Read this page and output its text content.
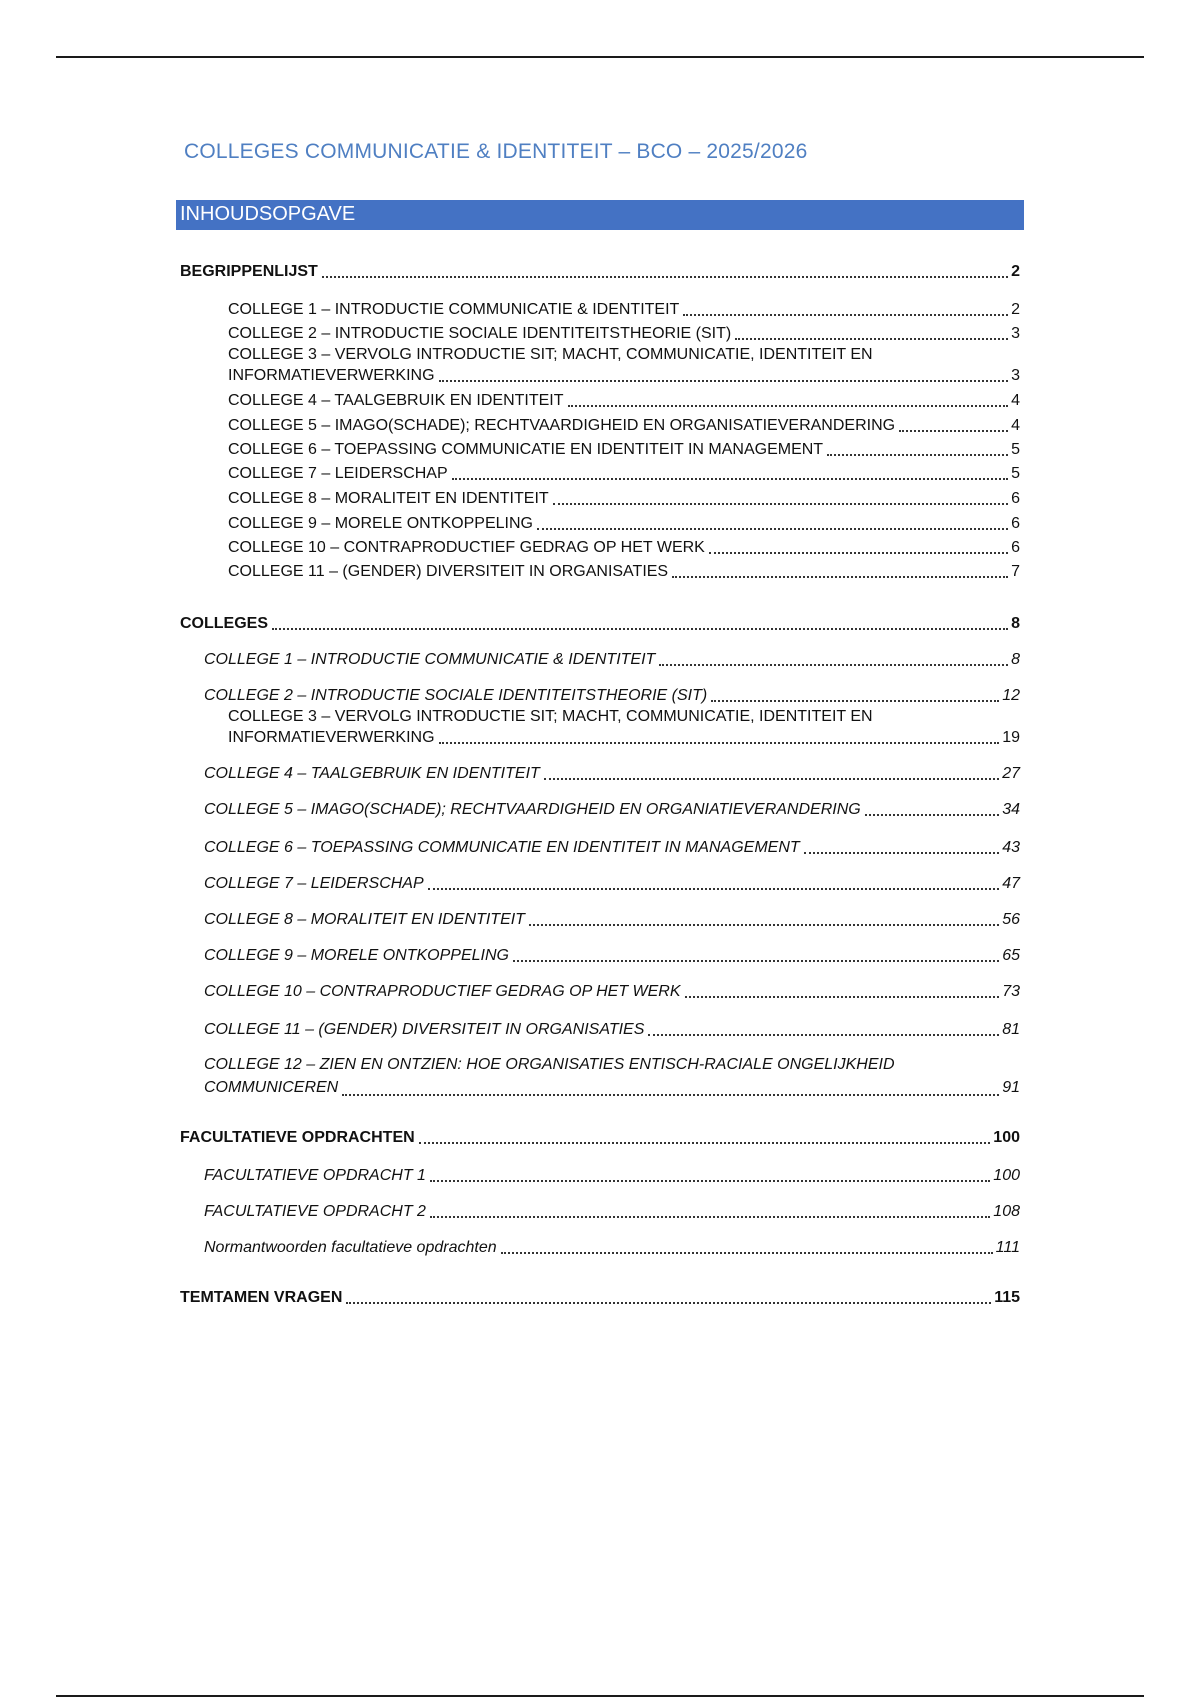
COLLEGES COMMUNICATIE & IDENTITEIT – BCO – 2025/2026
INHOUDSOPGAVE
BEGRIPPENLIJST	2
COLLEGE 1 – INTRODUCTIE COMMUNICATIE & IDENTITEIT	2
COLLEGE 2 – INTRODUCTIE SOCIALE IDENTITEITSTHEORIE (SIT)	3
COLLEGE 3 – VERVOLG INTRODUCTIE SIT; MACHT, COMMUNICATIE, IDENTITEIT EN
INFORMATIEVERWERKING	3
COLLEGE 4 – TAALGEBRUIK EN IDENTITEIT	4
COLLEGE 5 – IMAGO(SCHADE); RECHTVAARDIGHEID EN ORGANISATIEVERANDERING	4
COLLEGE 6 – TOEPASSING COMMUNICATIE EN IDENTITEIT IN MANAGEMENT	5
COLLEGE 7 – LEIDERSCHAP	5
COLLEGE 8 – MORALITEIT EN IDENTITEIT	6
COLLEGE 9 – MORELE ONTKOPPELING	6
COLLEGE 10 – CONTRAPRODUCTIEF GEDRAG OP HET WERK	6
COLLEGE 11 – (GENDER) DIVERSITEIT IN ORGANISATIES	7
COLLEGES	8
COLLEGE 1 – INTRODUCTIE COMMUNICATIE & IDENTITEIT	8
COLLEGE 2 – INTRODUCTIE SOCIALE IDENTITEITSTHEORIE (SIT)	12
COLLEGE 3 – VERVOLG INTRODUCTIE SIT; MACHT, COMMUNICATIE, IDENTITEIT EN
INFORMATIEVERWERKING	19
COLLEGE 4 – TAALGEBRUIK EN IDENTITEIT	27
COLLEGE 5 – IMAGO(SCHADE); RECHTVAARDIGHEID EN ORGANIATIEVERANDERING	34
COLLEGE 6 – TOEPASSING COMMUNICATIE EN IDENTITEIT IN MANAGEMENT	43
COLLEGE 7 – LEIDERSCHAP	47
COLLEGE 8 – MORALITEIT EN IDENTITEIT	56
COLLEGE 9 – MORELE ONTKOPPELING	65
COLLEGE 10 – CONTRAPRODUCTIEF GEDRAG OP HET WERK	73
COLLEGE 11 – (GENDER) DIVERSITEIT IN ORGANISATIES	81
COLLEGE 12 – ZIEN EN ONTZIEN: HOE ORGANISATIES ENTISCH-RACIALE ONGELIJKHEID
COMMUNICEREN	91
FACULTATIEVE OPDRACHTEN	100
FACULTATIEVE OPDRACHT 1	100
FACULTATIEVE OPDRACHT 2	108
Normantwoorden facultatieve opdrachten	111
TEMTAMEN VRAGEN	115
